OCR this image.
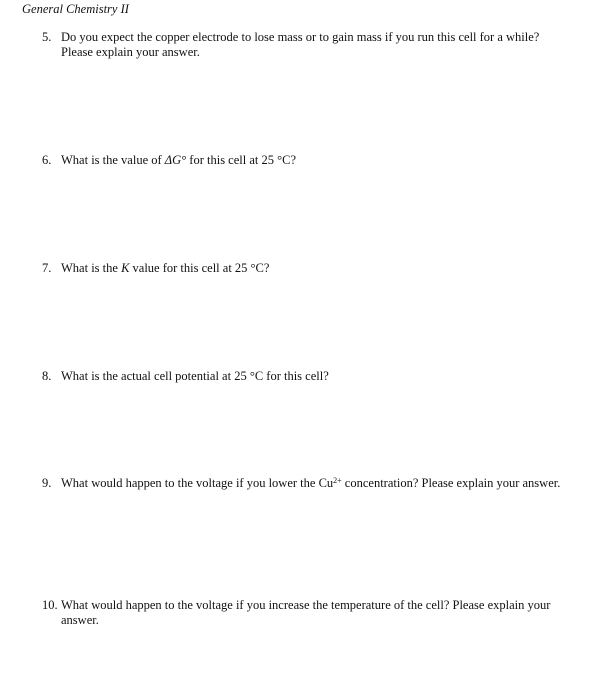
General Chemistry II
5. Do you expect the copper electrode to lose mass or to gain mass if you run this cell for a while? Please explain your answer.
6. What is the value of ΔG° for this cell at 25 °C?
7. What is the K value for this cell at 25 °C?
8. What is the actual cell potential at 25 °C for this cell?
9. What would happen to the voltage if you lower the $Cu^{2+}$ concentration? Please explain your answer.
10. What would happen to the voltage if you increase the temperature of the cell? Please explain your answer.
